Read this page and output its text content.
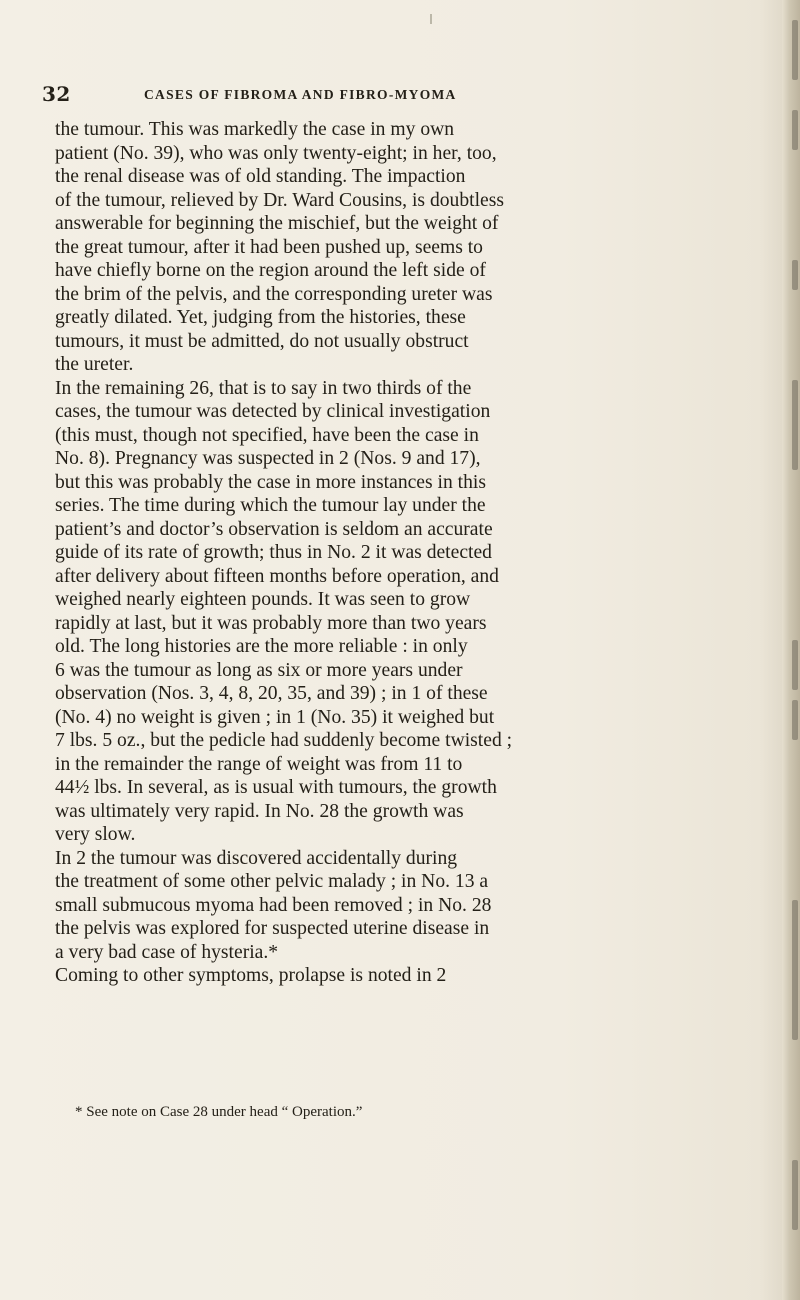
32	CASES OF FIBROMA AND FIBRO-MYOMA
the tumour. This was markedly the case in my own
patient (No. 39), who was only twenty-eight; in her, too,
the renal disease was of old standing. The impaction
of the tumour, relieved by Dr. Ward Cousins, is doubtless
answerable for beginning the mischief, but the weight of
the great tumour, after it had been pushed up, seems to
have chiefly borne on the region around the left side of
the brim of the pelvis, and the corresponding ureter was
greatly dilated. Yet, judging from the histories, these
tumours, it must be admitted, do not usually obstruct
the ureter.
In the remaining 26, that is to say in two thirds of the
cases, the tumour was detected by clinical investigation
(this must, though not specified, have been the case in
No. 8). Pregnancy was suspected in 2 (Nos. 9 and 17),
but this was probably the case in more instances in this
series. The time during which the tumour lay under the
patient’s and doctor’s observation is seldom an accurate
guide of its rate of growth; thus in No. 2 it was detected
after delivery about fifteen months before operation, and
weighed nearly eighteen pounds. It was seen to grow
rapidly at last, but it was probably more than two years
old. The long histories are the more reliable : in only
6 was the tumour as long as six or more years under
observation (Nos. 3, 4, 8, 20, 35, and 39) ; in 1 of these
(No. 4) no weight is given ; in 1 (No. 35) it weighed but
7 lbs. 5 oz., but the pedicle had suddenly become twisted ;
in the remainder the range of weight was from 11 to
44½ lbs. In several, as is usual with tumours, the growth
was ultimately very rapid. In No. 28 the growth was
very slow.
In 2 the tumour was discovered accidentally during
the treatment of some other pelvic malady ; in No. 13 a
small submucous myoma had been removed ; in No. 28
the pelvis was explored for suspected uterine disease in
a very bad case of hysteria.*
Coming to other symptoms, prolapse is noted in 2
* See note on Case 28 under head “ Operation.”
